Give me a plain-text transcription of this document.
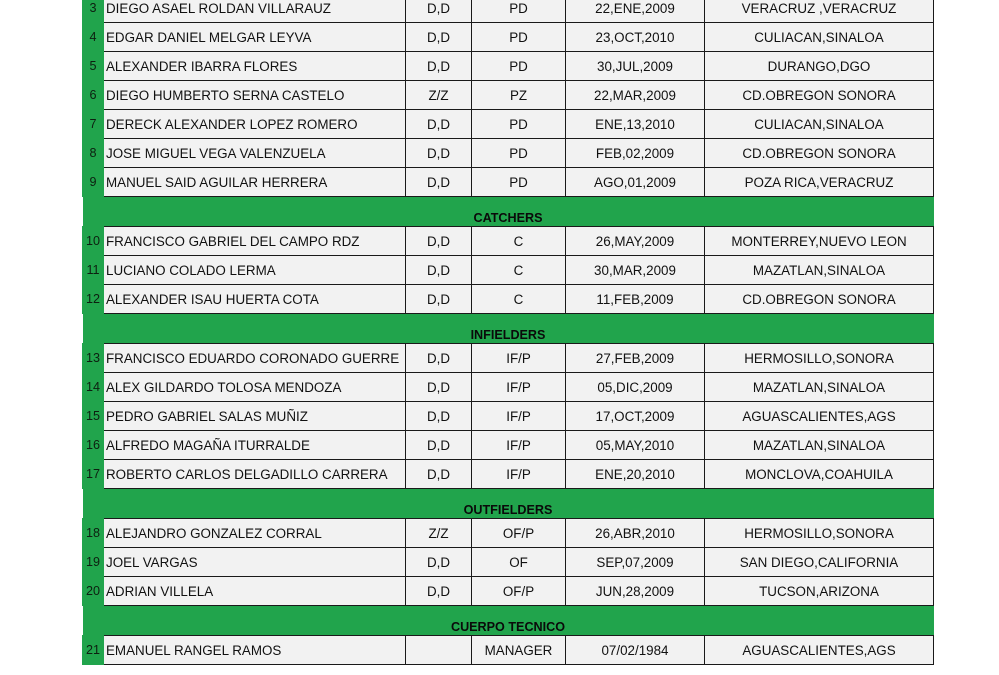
3	DIEGO ASAEL ROLDAN VILLARAUZ	D,D	PD	22,ENE,2009	VERACRUZ ,VERACRUZ
4	EDGAR DANIEL MELGAR LEYVA	D,D	PD	23,OCT,2010	CULIACAN,SINALOA
5	ALEXANDER IBARRA FLORES	D,D	PD	30,JUL,2009	DURANGO,DGO
6	DIEGO HUMBERTO SERNA CASTELO	Z/Z	PZ	22,MAR,2009	CD.OBREGON SONORA
7	DERECK ALEXANDER LOPEZ ROMERO	D,D	PD	ENE,13,2010	CULIACAN,SINALOA
8	JOSE MIGUEL VEGA VALENZUELA	D,D	PD	FEB,02,2009	CD.OBREGON SONORA
9	MANUEL SAID AGUILAR HERRERA	D,D	PD	AGO,01,2009	POZA RICA,VERACRUZ
CATCHERS					
10	FRANCISCO GABRIEL DEL CAMPO RDZ	D,D	C	26,MAY,2009	MONTERREY,NUEVO LEON
11	LUCIANO COLADO LERMA	D,D	C	30,MAR,2009	MAZATLAN,SINALOA
12	ALEXANDER ISAU HUERTA COTA	D,D	C	11,FEB,2009	CD.OBREGON SONORA
INFIELDERS					
13	FRANCISCO EDUARDO CORONADO GUERRE	D,D	IF/P	27,FEB,2009	HERMOSILLO,SONORA
14	ALEX GILDARDO TOLOSA MENDOZA	D,D	IF/P	05,DIC,2009	MAZATLAN,SINALOA
15	PEDRO GABRIEL SALAS MUÑIZ	D,D	IF/P	17,OCT,2009	AGUASCALIENTES,AGS
16	ALFREDO MAGAÑA ITURRALDE	D,D	IF/P	05,MAY,2010	MAZATLAN,SINALOA
17	ROBERTO CARLOS DELGADILLO CARRERA	D,D	IF/P	ENE,20,2010	MONCLOVA,COAHUILA
OUTFIELDERS					
18	ALEJANDRO GONZALEZ CORRAL	Z/Z	OF/P	26,ABR,2010	HERMOSILLO,SONORA
19	JOEL VARGAS	D,D	OF	SEP,07,2009	SAN DIEGO,CALIFORNIA
20	ADRIAN VILLELA	D,D	OF/P	JUN,28,2009	TUCSON,ARIZONA
CUERPO TECNICO					
21	EMANUEL RANGEL RAMOS		MANAGER	07/02/1984	AGUASCALIENTES,AGS
